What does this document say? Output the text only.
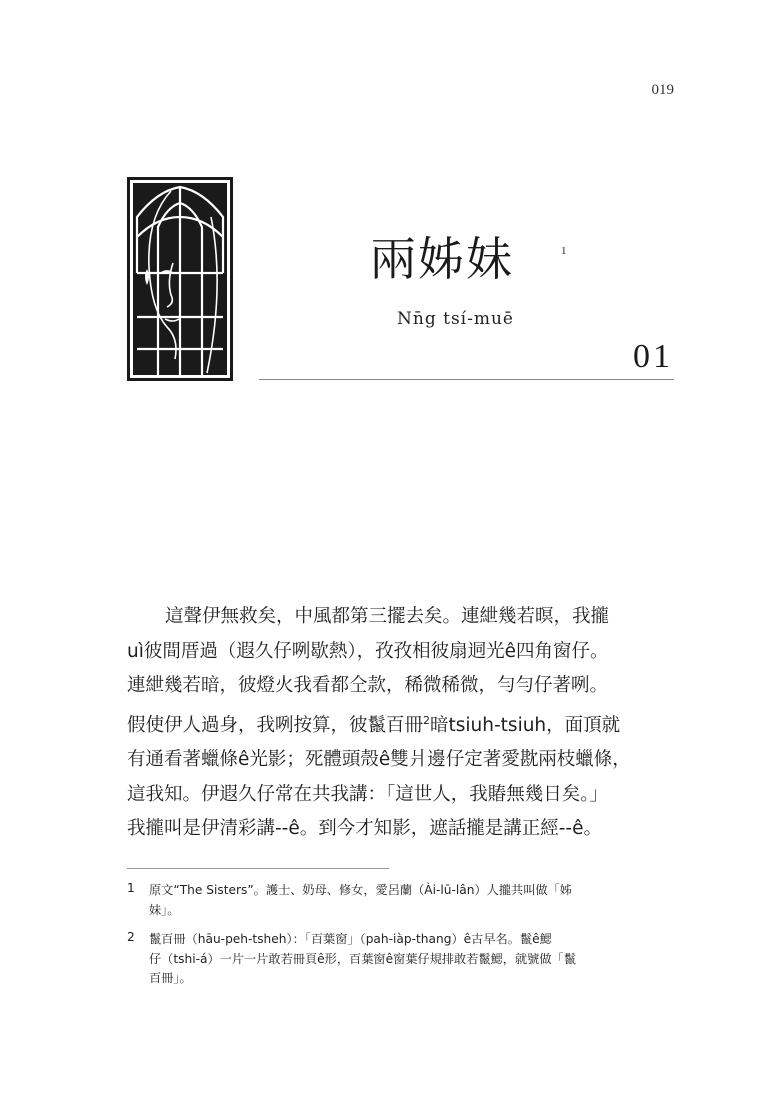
019
兩姊妹	1
Nn̄g tsí-muē
01
這聲伊無救矣，中風都第三擺去矣。連紲幾若暝，我攏
uì彼間厝過（遐久仔咧歇熱），孜孜相彼扇迵光ê四角窗仔。
連紲幾若暗，彼燈火我看都仝款，稀微稀微，勻勻仔著咧。
假使伊人過身，我咧按算，彼鬣百冊$^2$暗tsiuh-tsiuh，面頂就
有通看著蠟條ê光影；死體頭殼ê雙爿邊仔定著愛㽎兩枝蠟條，
這我知。伊遐久仔常在共我講：「這世人，我賰無幾日矣。」
我攏叫是伊清彩講--ê。到今才知影，遮話攏是講正經--ê。
1 原文“The Sisters”。護士、奶母、修女，愛呂蘭（Ài-lū-lân）人攏共叫做「姊
妹」。
2 鬣百冊（hāu-peh-tsheh）：「百葉窗」（pah-iàp-thang）ê古早名。鬣ê鰓
仔（tshi-á）一片一片敢若冊頁ê形，百葉窗ê窗葉仔規排敢若鬣鰓，就號做「鬣
百冊」。
